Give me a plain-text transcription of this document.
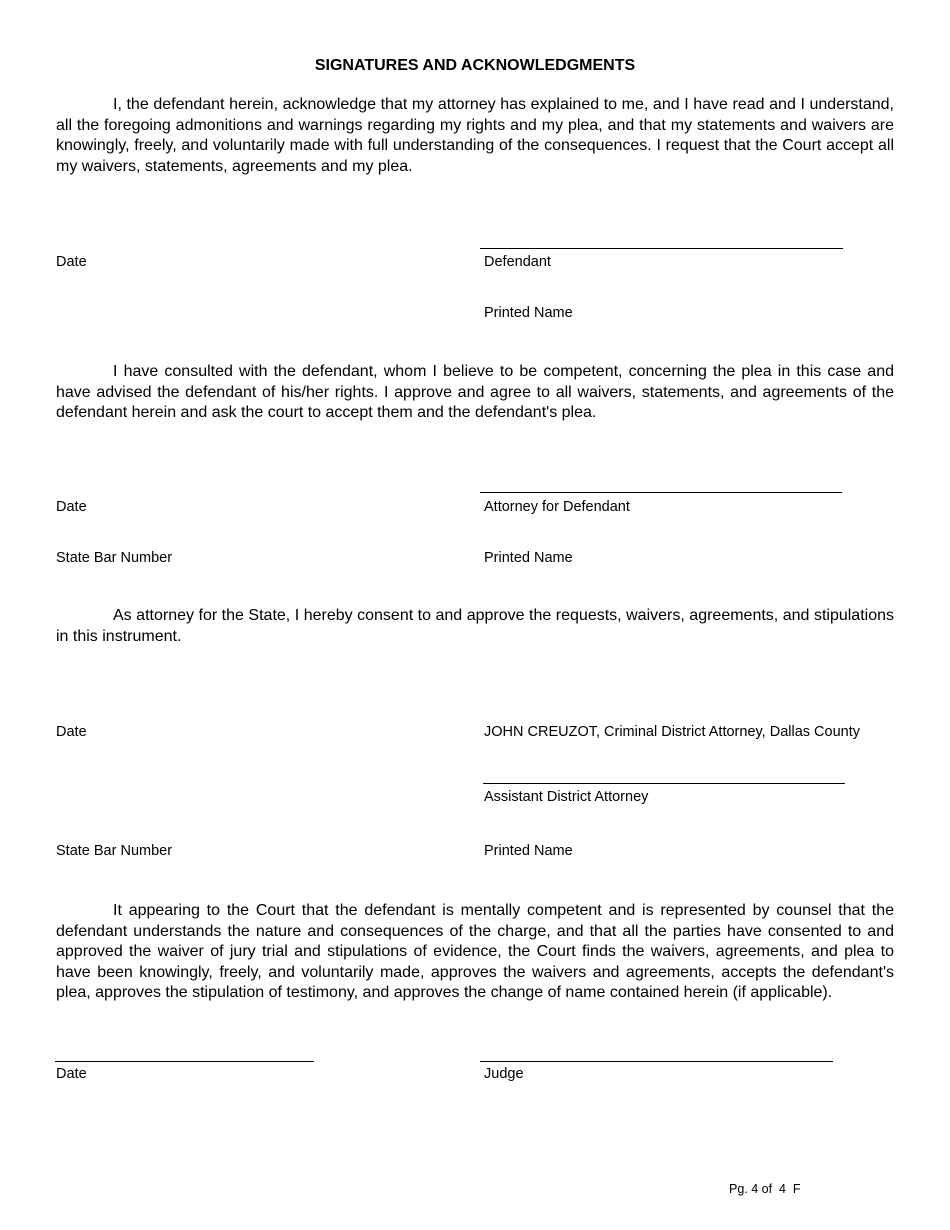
SIGNATURES AND ACKNOWLEDGMENTS

I, the defendant herein, acknowledge that my attorney has explained to me, and I have read and I understand, all the foregoing admonitions and warnings regarding my rights and my plea, and that my statements and waivers are knowingly, freely, and voluntarily made with full understanding of the consequences. I request that the Court accept all my waivers, statements, agreements and my plea.

Date	Defendant
Printed Name

I have consulted with the defendant, whom I believe to be competent, concerning the plea in this case and have advised the defendant of his/her rights. I approve and agree to all waivers, statements, and agreements of the defendant herein and ask the court to accept them and the defendant's plea.

Date	Attorney for Defendant
State Bar Number	Printed Name

As attorney for the State, I hereby consent to and approve the requests, waivers, agreements, and stipulations in this instrument.

Date	JOHN CREUZOT, Criminal District Attorney, Dallas County
Assistant District Attorney
State Bar Number	Printed Name

It appearing to the Court that the defendant is mentally competent and is represented by counsel that the defendant understands the nature and consequences of the charge, and that all the parties have consented to and approved the waiver of jury trial and stipulations of evidence, the Court finds the waivers, agreements, and plea to have been knowingly, freely, and voluntarily made, approves the waivers and agreements, accepts the defendant's plea, approves the stipulation of testimony, and approves the change of name contained herein (if applicable).

Date	Judge
Pg. 4 of  4  F
